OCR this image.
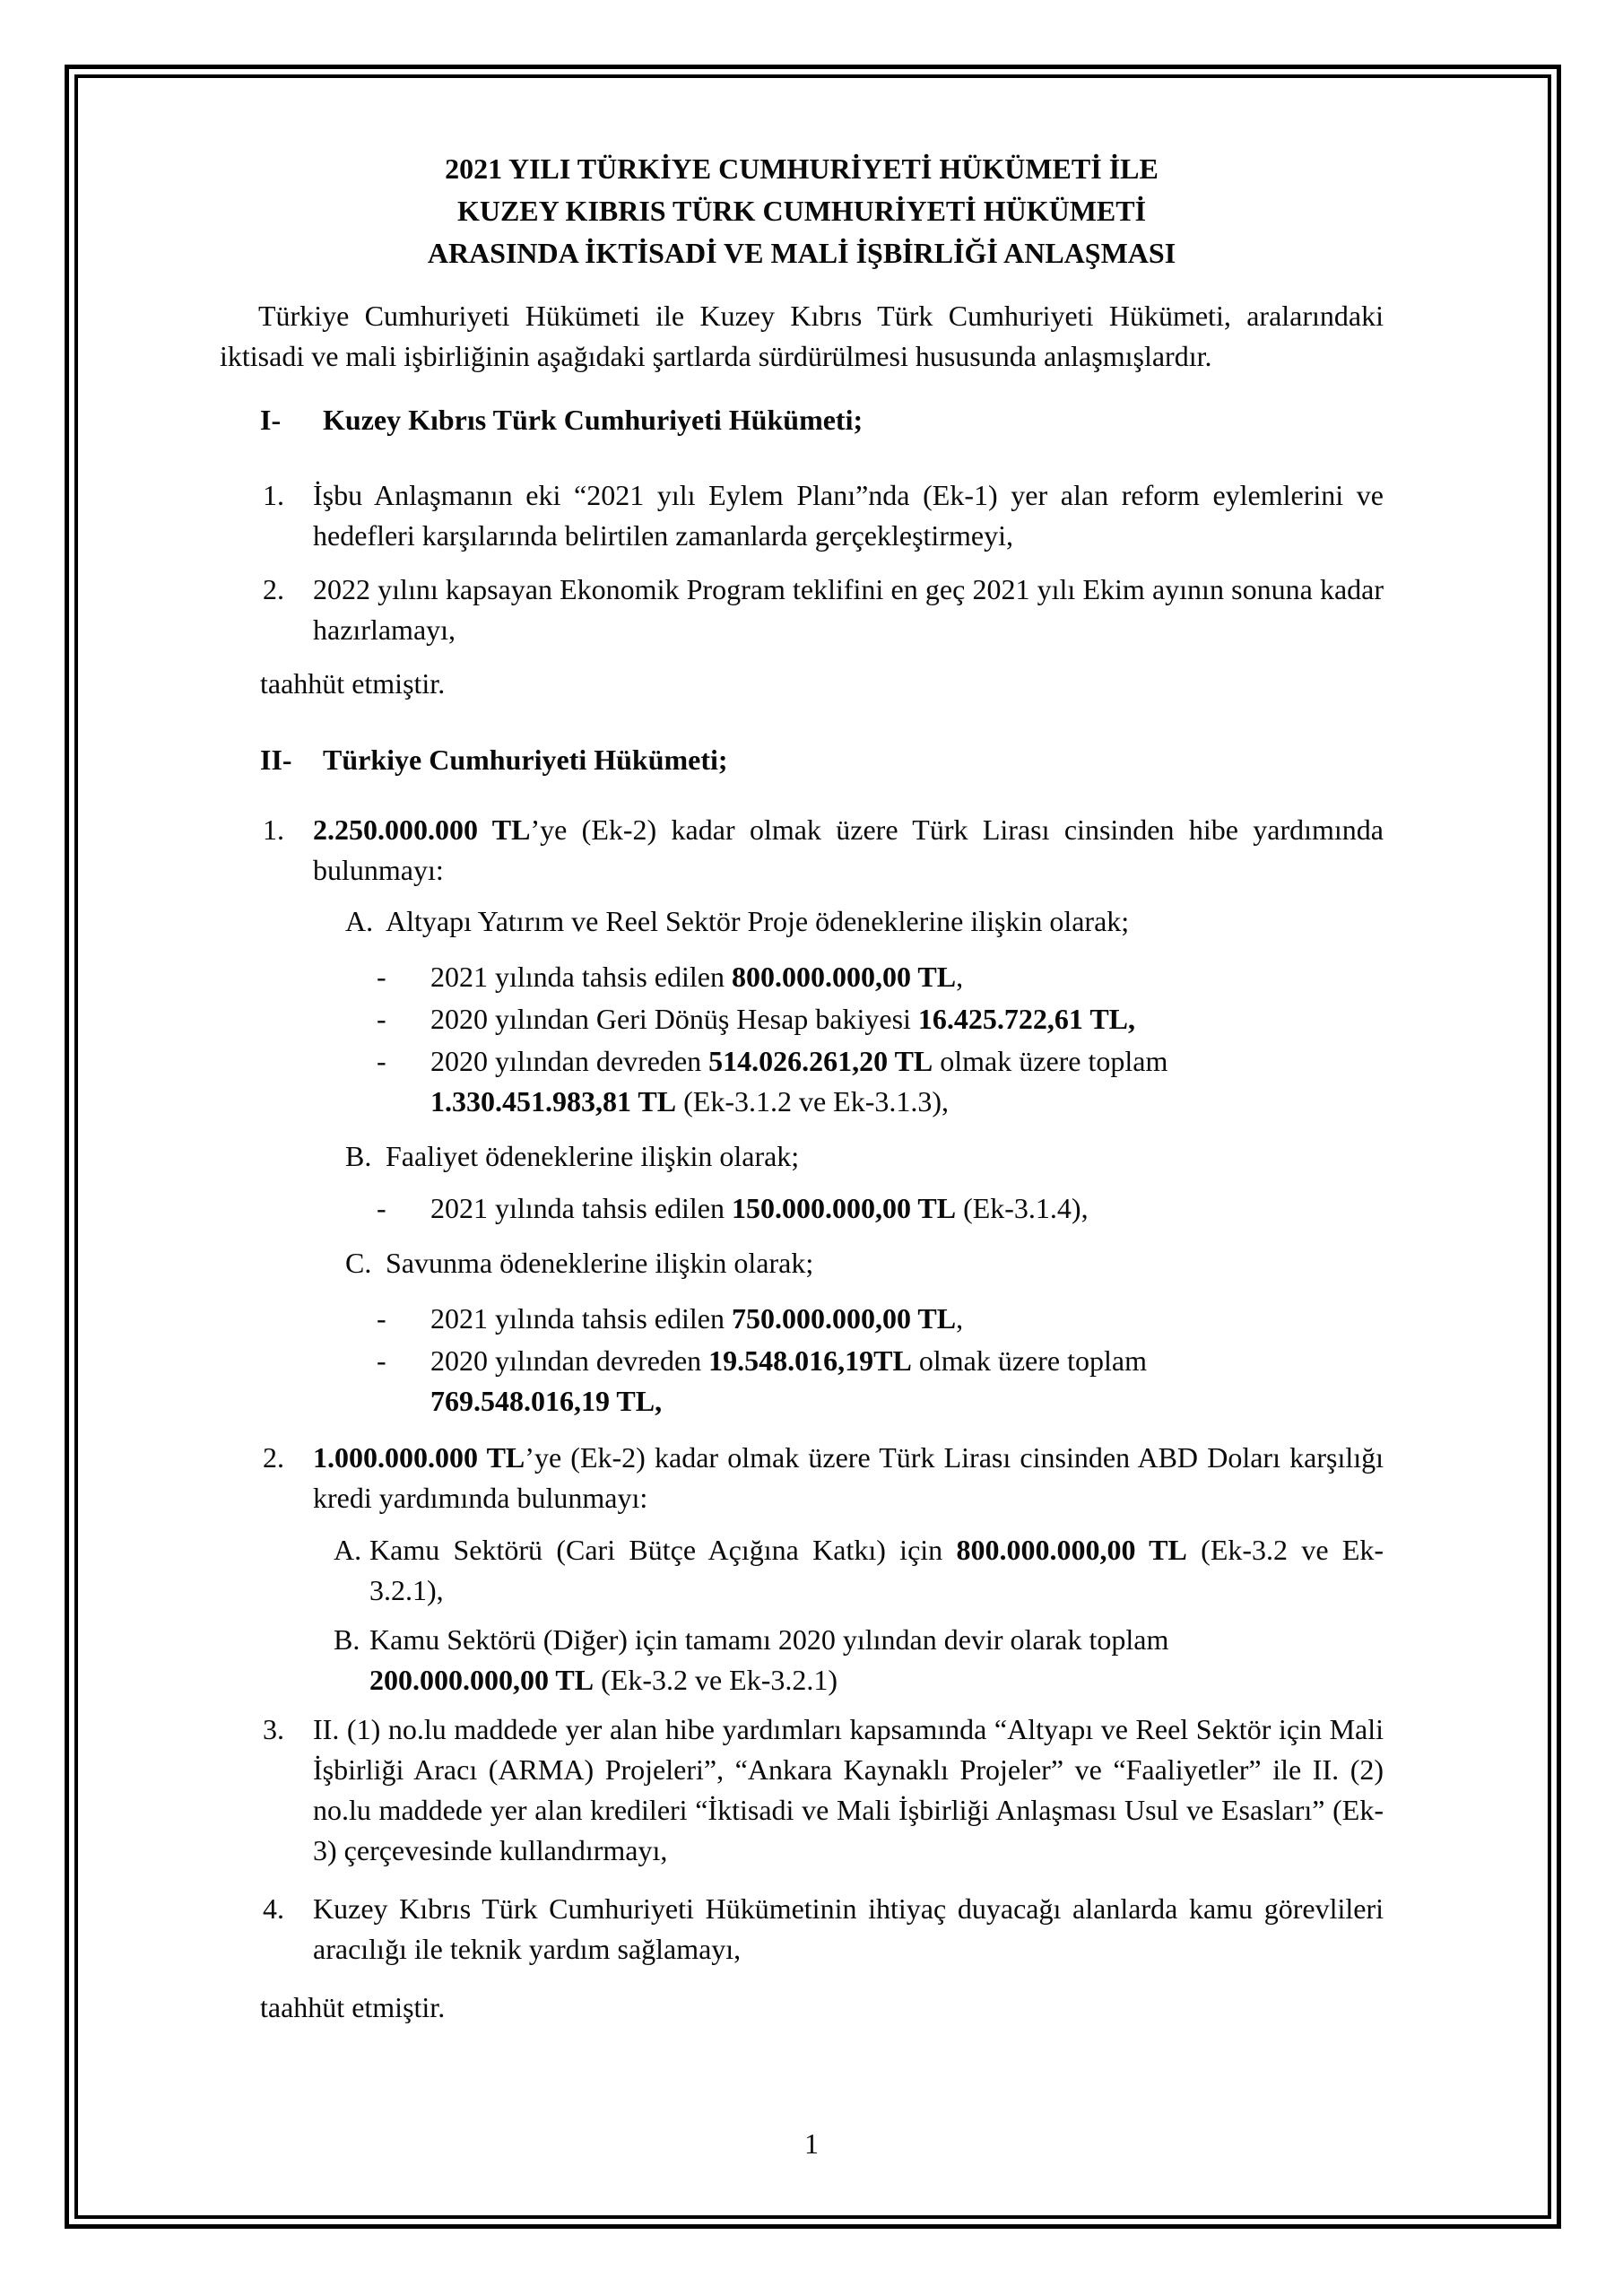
2021 YILI TÜRKİYE CUMHURİYETİ HÜKÜMETİ İLE
KUZEY KIBRIS TÜRK CUMHURİYETİ HÜKÜMETİ
ARASINDA İKTİSADİ VE MALİ İŞBİRLİĞİ ANLAŞMASI

Türkiye Cumhuriyeti Hükümeti ile Kuzey Kıbrıs Türk Cumhuriyeti Hükümeti, aralarındaki iktisadi ve mali işbirliğinin aşağıdaki şartlarda sürdürülmesi hususunda anlaşmışlardır.

I-	Kuzey Kıbrıs Türk Cumhuriyeti Hükümeti;
1.	İşbu Anlaşmanın eki “2021 yılı Eylem Planı”nda (Ek-1) yer alan reform eylemlerini ve hedefleri karşılarında belirtilen zamanlarda gerçekleştirmeyi,
2.	2022 yılını kapsayan Ekonomik Program teklifini en geç 2021 yılı Ekim ayının sonuna kadar hazırlamayı,

taahhüt etmiştir.

II-	Türkiye Cumhuriyeti Hükümeti;
1.	2.250.000.000 TL’ye (Ek-2) kadar olmak üzere Türk Lirası cinsinden hibe yardımında bulunmayı:
A. Altyapı Yatırım ve Reel Sektör Proje ödeneklerine ilişkin olarak;
-	2021 yılında tahsis edilen 800.000.000,00 TL,
-	2020 yılından Geri Dönüş Hesap bakiyesi 16.425.722,61 TL,
-	2020 yılından devreden 514.026.261,20 TL olmak üzere toplam
1.330.451.983,81 TL (Ek-3.1.2 ve Ek-3.1.3),
B. Faaliyet ödeneklerine ilişkin olarak;
-	2021 yılında tahsis edilen 150.000.000,00 TL (Ek-3.1.4),
C. Savunma ödeneklerine ilişkin olarak;
-	2021 yılında tahsis edilen 750.000.000,00 TL,
-	2020 yılından devreden 19.548.016,19TL olmak üzere toplam
769.548.016,19 TL,
2.	1.000.000.000 TL’ye (Ek-2) kadar olmak üzere Türk Lirası cinsinden ABD Doları karşılığı kredi yardımında bulunmayı:
A. Kamu Sektörü (Cari Bütçe Açığına Katkı) için 800.000.000,00 TL (Ek-3.2 ve Ek- 3.2.1),
B. Kamu Sektörü (Diğer) için tamamı 2020 yılından devir olarak toplam
200.000.000,00 TL (Ek-3.2 ve Ek-3.2.1)
3.	II. (1) no.lu maddede yer alan hibe yardımları kapsamında “Altyapı ve Reel Sektör için Mali İşbirliği Aracı (ARMA) Projeleri”, “Ankara Kaynaklı Projeler” ve “Faaliyetler” ile II. (2) no.lu maddede yer alan kredileri “İktisadi ve Mali İşbirliği Anlaşması Usul ve Esasları” (Ek-3) çerçevesinde kullandırmayı,
4.	Kuzey Kıbrıs Türk Cumhuriyeti Hükümetinin ihtiyaç duyacağı alanlarda kamu görevlileri aracılığı ile teknik yardım sağlamayı,

taahhüt etmiştir.

1
